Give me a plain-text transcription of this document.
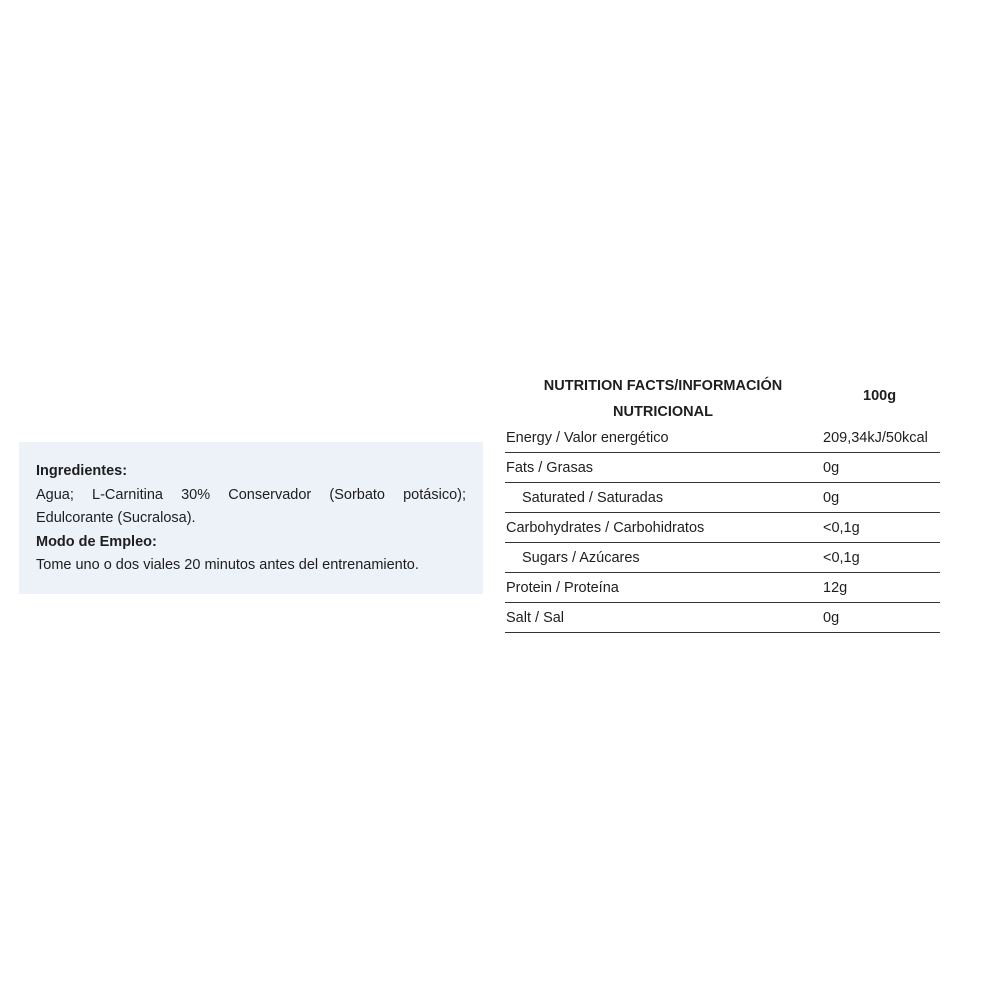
Ingredientes:
Agua; L-Carnitina 30% Conservador (Sorbato potásico);
Edulcorante (Sucralosa).
Modo de Empleo:
Tome uno o dos viales 20 minutos antes del entrenamiento.
NUTRITION FACTS/INFORMACIÓN
NUTRICIONAL
100g
Energy / Valor energético	209,34kJ/50kcal
Fats / Grasas	0g
Saturated / Saturadas	0g
Carbohydrates / Carbohidratos	<0,1g
Sugars / Azúcares	<0,1g
Protein / Proteína	12g
Salt / Sal	0g
